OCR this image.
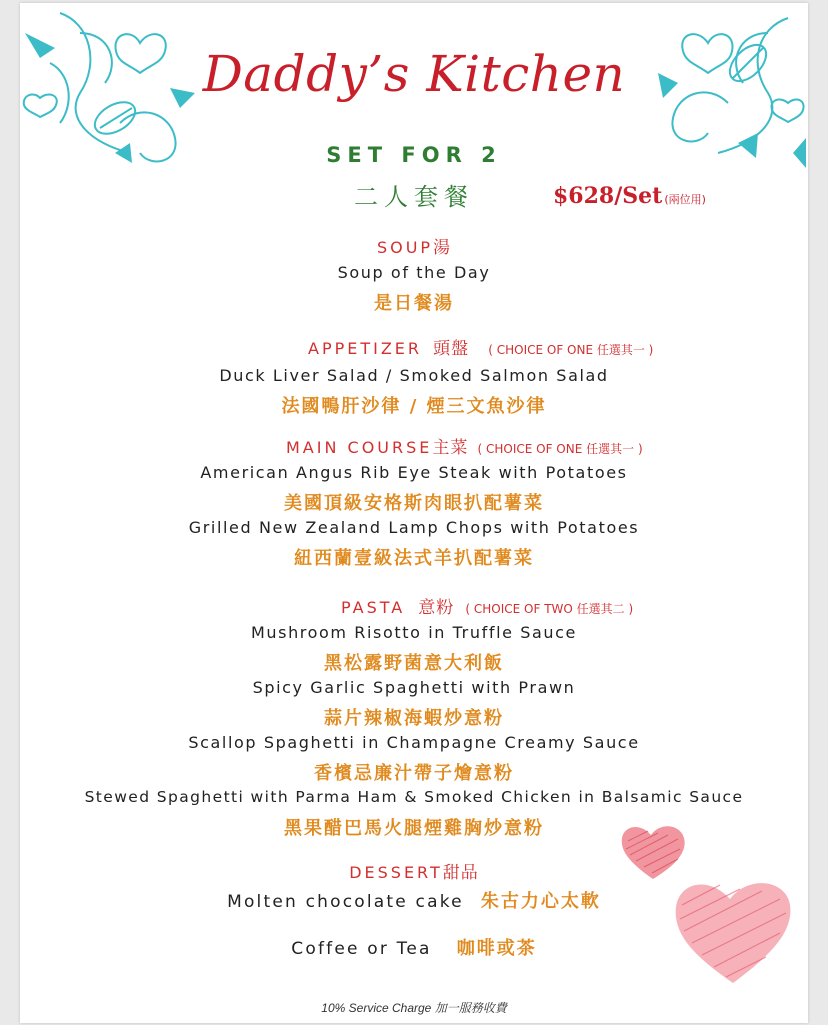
Daddy’s Kitchen
SET FOR 2
二人套餐	$628/Set (兩位用)
SOUP湯
Soup of the Day
是日餐湯
APPETIZER 頭盤 ( CHOICE OF ONE 任選其一 )
Duck Liver Salad / Smoked Salmon Salad
法國鴨肝沙律 / 煙三文魚沙律
MAIN COURSE主菜 ( CHOICE OF ONE 任選其一 )
American Angus Rib Eye Steak with Potatoes
美國頂級安格斯肉眼扒配薯菜
Grilled New Zealand Lamp Chops with Potatoes
紐西蘭壹級法式羊扒配薯菜
PASTA 意粉 ( CHOICE OF TWO 任選其二 )
Mushroom Risotto in Truffle Sauce
黑松露野菌意大利飯
Spicy Garlic Spaghetti with Prawn
蒜片辣椒海蝦炒意粉
Scallop Spaghetti in Champagne Creamy Sauce
香檳忌廉汁帶子燴意粉
Stewed Spaghetti with Parma Ham & Smoked Chicken in Balsamic Sauce
黑果醋巴馬火腿煙雞胸炒意粉
DESSERT甜品
Molten chocolate cake 朱古力心太軟
Coffee or Tea 咖啡或茶
10% Service Charge 加一服務收費
